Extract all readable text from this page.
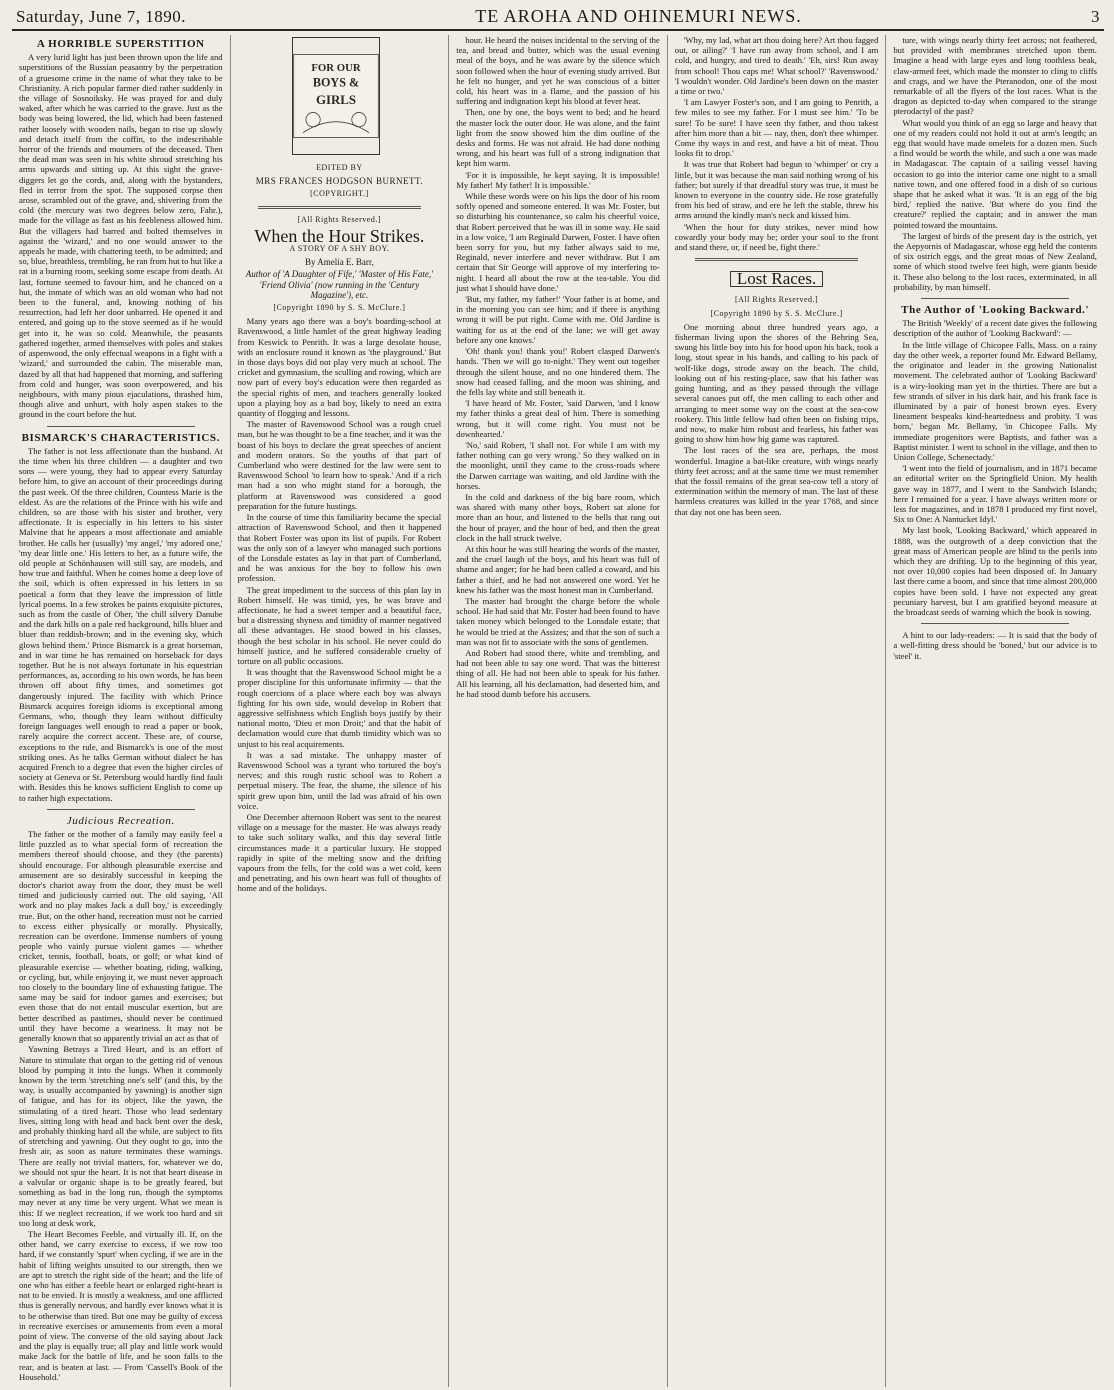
Saturday, June 7, 1890.	TE AROHA AND OHINEMURI NEWS.	3
A HORRIBLE SUPERSTITION

A very lurid light has just been thrown upon the life and superstitions of the Russian peasantry by the perpetration of a gruesome crime in the name of what they take to be Christianity. A rich popular farmer died rather suddenly in the village of Sosnoiksky. He was prayed for and duly waked, after which he was carried to the grave. Just as the body was being lowered, the lid, which had been fastened rather loosely with wooden nails, began to rise up slowly and detach itself from the coffin, to the indescribable horror of the friends and mourners of the deceased. Then the dead man was seen in his white shroud stretching his arms upwards and sitting up. At this sight the grave-diggers let go the cords, and, along with the bystanders, fled in terror from the spot. The supposed corpse then arose, scrambled out of the grave, and, shivering from the cold (the mercury was two degrees below zero, Fahr.), made for the village as fast as his feebleness allowed him. But the villagers had barred and bolted themselves in against the 'wizard,' and no one would answer to the appeals he made, with chattering teeth, to be admitted; and so, blue, breathless, trembling, he ran from hut to hut like a rat in a burning room, seeking some escape from death. At last, fortune seemed to favour him, and he chanced on a hut, the inmate of which was an old woman who had not been to the funeral, and, knowing nothing of his resurrection, had left her door unbarred. He opened it and entered, and going up to the stove seemed as if he would get into it, he was so cold. Meanwhile, the peasants gathered together, armed themselves with poles and stakes of aspenwood, the only effectual weapons in a fight with a 'wizard,' and surrounded the cabin. The miserable man, dazed by all that had happened that morning, and suffering from cold and hunger, was soon overpowered, and his neighbours, with many pious ejaculations, thrashed him, though alive and unhurt, with holy aspen stakes to the ground in the court before the hut.

BISMARCK'S CHARACTERISTICS.

The father is not less affectionate than the husband. At the time when his three children — a daughter and two sons — were young, they had to appear every Saturday before him, to give an account of their proceedings during the past week. Of the three children, Countess Marie is the eldest. As are the relations of the Prince with his wife and children, so are those with his sister and brother, very affectionate. It is especially in his letters to his sister Malvine that he appears a most affectionate and amiable brother. He calls her (usually) 'my angel,' 'my adored one,' 'my dear little one.' His letters to her, as a future wife, the old people at Schönhausen will still say, are models, and how true and faithful. When he comes home a deep love of the soil, which is often expressed in his letters in so poetical a form that they leave the impression of little lyrical poems. In a few strokes he paints exquisite pictures, such as from the castle of Ober, 'the chill silvery Danube and the dark hills on a pale red background, hills bluer and bluer than reddish-brown; and in the evening sky, which glows behind them.' Prince Bismarck is a great horseman, and in war time he has remained on horseback for days together. But he is not always fortunate in his equestrian performances, as, according to his own words, he has been thrown off about fifty times, and sometimes got dangerously injured. The facility with which Prince Bismarck acquires foreign idioms is exceptional among Germans, who, though they learn without difficulty foreign languages well enough to read a paper or book, rarely acquire the correct accent. These are, of course, exceptions to the rule, and Bismarck's is one of the most striking ones. As he talks German without dialect he has acquired French to a degree that even the higher circles of society at Geneva or St. Petersburg would hardly find fault with. Besides this he knows sufficient English to come up to rather high expectations.

Judicious Recreation.

The father or the mother of a family may easily feel a little puzzled as to what special form of recreation the members thereof should choose, and they (the parents) should encourage. For although pleasurable exercise and amusement are so desirably successful in keeping the doctor's chariot away from the door, they must be well timed and judiciously carried out. The old saying, 'All work and no play makes Jack a dull boy,' is exceedingly true. But, on the other hand, recreation must not be carried to excess either physically or morally. Physically, recreation can be overdone. Immense numbers of young people who vainly pursue violent games — whether cricket, tennis, football, boats, or golf; or what kind of pleasurable exercise — whether boating, riding, walking, or cycling, but, while enjoying it, we must never approach too closely to the boundary line of exhausting fatigue. The same may be said for indoor games and exercises; but even those that do not entail muscular exertion, but are better described as pastimes, should never be continued until they have become a weariness. It may not be generally known that so apparently trivial an act as that of

Yawning Betrays a Tired Heart, and is an effort of Nature to stimulate that organ to the getting rid of venous blood by pumping it into the lungs. When it commonly known by the term 'stretching one's self' (and this, by the way, is usually accompanied by yawning) is another sign of fatigue, and has for its object, like the yawn, the stimulating of a tired heart. Those who lead sedentary lives, sitting long with head and back bent over the desk, and probably thinking hard all the while, are subject to fits of stretching and yawning. Out they ought to go, into the fresh air, as soon as nature terminates these warnings. There are really not trivial matters, for, whatever we do, we should not spur the heart. It is not that heart disease in a valvular or organic shape is to be greatly feared, but something as bad in the long run, though the symptoms may never at any time be very urgent. What we mean is this: If we neglect recreation, if we work too hard and sit too long at desk work,

The Heart Becomes Feeble, and virtually ill. If, on the other hand, we carry exercise to excess, if we row too hard, if we constantly 'spurt' when cycling, if we are in the habit of lifting weights unsuited to our strength, then we are apt to stretch the right side of the heart; and the life of one who has either a feeble heart or enlarged right-heart is not to be envied. It is mostly a weakness, and one afflicted thus is generally nervous, and hardly ever knows what it is to be otherwise than tired. But one may be guilty of excess in recreative exercises or amusements from even a moral point of view. The converse of the old saying about Jack and the play is equally true; all play and little work would make Jack for the battle of life, and he soon falls to the rear, and is beaten at last. — From 'Cassell's Book of the Household.'

FOR OUR
BOYS &
GIRLS
EDITED BY
MRS FRANCES HODGSON BURNETT.
[COPYRIGHT.]
[All Rights Reserved.]
When the Hour Strikes.
A STORY OF A SHY BOY.
By Amelia E. Barr,
Author of 'A Daughter of Fife,' 'Master of His Fate,' 'Friend Olivia' (now running in the 'Century Magazine'), etc.
[Copyright 1890 by S. S. McClure.]

Many years ago there was a boy's boarding-school at Ravenswood, a little hamlet of the great highway leading from Keswick to Penrith. It was a large desolate house, with an enclosure round it known as 'the playground.' But in those days boys did not play very much at school. The cricket and gymnasium, the sculling and rowing, which are now part of every boy's education were then regarded as the special rights of men, and teachers generally looked upon a playing boy as a bad boy, likely to need an extra quantity of flogging and lessons.

The master of Ravenswood School was a rough cruel man, but he was thought to be a fine teacher, and it was the boast of his boys to declare the great speeches of ancient and modern orators. So the youths of that part of Cumberland who were destined for the law were sent to Ravenswood School 'to learn how to speak.' And if a rich man had a son who might stand for a borough, the platform at Ravenswood was considered a good preparation for the future hustings.

In the course of time this familiarity became the special attraction of Ravenswood School, and then it happened that Robert Foster was upon its list of pupils. For Robert was the only son of a lawyer who managed such portions of the Lonsdale estates as lay in that part of Cumberland, and he was anxious for the boy to follow his own profession.

The great impediment to the success of this plan lay in Robert himself. He was timid, yes, he was brave and affectionate, he had a sweet temper and a beautiful face, but a distressing shyness and timidity of manner negatived all these advantages. He stood bowed in his classes, though the best scholar in his school. He never could do himself justice, and he suffered considerable cruelty of torture on all public occasions.

It was thought that the Ravenswood School might be a proper discipline for this unfortunate infirmity — that the rough coercions of a place where each boy was always fighting for his own side, would develop in Robert that aggressive selfishness which English boys justify by their national motto, 'Dieu et mon Droit;' and that the habit of declamation would cure that dumb timidity which was so unjust to his real acquirements.

It was a sad mistake. The unhappy master of Ravenswood School was a tyrant who tortured the boy's nerves; and this rough rustic school was to Robert a perpetual misery. The fear, the shame, the silence of his spirit grew upon him, until the lad was afraid of his own voice.

One December afternoon Robert was sent to the nearest village on a message for the master. He was always ready to take such solitary walks, and this day several little circumstances made it a particular luxury. He stopped rapidly in spite of the melting snow and the drifting vapours from the fells, for the cold was a wet cold, keen and penetrating, and his own heart was full of thoughts of home and of the holidays.

hour. He heard the noises incidental to the serving of the tea, and bread and butter, which was the usual evening meal of the boys, and he was aware by the silence which soon followed when the hour of evening study arrived. But he felt no hunger, and yet he was conscious of a bitter cold, his heart was in a flame, and the passion of his suffering and indignation kept his blood at fever heat.

Then, one by one, the boys went to bed; and he heard the master lock the outer door. He was alone, and the faint light from the snow showed him the dim outline of the desks and forms. He was not afraid. He had done nothing wrong, and his heart was full of a strong indignation that kept him warm.

'For it is impossible, he kept saying. It is impossible! My father! My father! It is impossible.'

While these words were on his lips the door of his room softly opened and someone entered. It was Mr. Foster, but so disturbing his countenance, so calm his cheerful voice, that Robert perceived that he was ill in some way. He said in a low voice, 'I am Reginald Darwen, Foster. I have often been sorry for you, but my father always said to me, Reginald, never interfere and never withdraw. But I am certain that Sir George will approve of my interfering to-night. I heard all about the row at the tea-table. You did just what I should have done.'

'But, my father, my father!' 'Your father is at home, and in the morning you can see him; and if there is anything wrong it will be put right. Come with me. Old Jardine is waiting for us at the end of the lane; we will get away before any one knows.'

'Oh! thank you! thank you!' Robert clasped Darwen's hands. 'Then we will go to-night.' They went out together through the silent house, and no one hindered them. The snow had ceased falling, and the moon was shining, and the fells lay white and still beneath it.

'I have heard of Mr. Foster, 'said Darwen, 'and I know my father thinks a great deal of him. There is something wrong, but it will come right. You must not be downhearted.'

'No,' said Robert, 'I shall not. For while I am with my father nothing can go very wrong.' So they walked on in the moonlight, until they came to the cross-roads where the Darwen carriage was waiting, and old Jardine with the horses.

In the cold and darkness of the big bare room, which was shared with many other boys, Robert sat alone for more than an hour, and listened to the bells that rang out the hour of prayer, and the hour of bed, and then the great clock in the hall struck twelve.

At this hour he was still hearing the words of the master, and the cruel laugh of the boys, and his heart was full of shame and anger; for he had been called a coward, and his father a thief, and he had not answered one word. Yet he knew his father was the most honest man in Cumberland.

The master had brought the charge before the whole school. He had said that Mr. Foster had been found to have taken money which belonged to the Lonsdale estate; that he would be tried at the Assizes; and that the son of such a man was not fit to associate with the sons of gentlemen.

And Robert had stood there, white and trembling, and had not been able to say one word. That was the bitterest thing of all. He had not been able to speak for his father. All his learning, all his declamation, had deserted him, and he had stood dumb before his accusers.

'Why, my lad, what art thou doing here? Art thou fagged out, or ailing?' 'I have run away from school, and I am cold, and hungry, and tired to death.' 'Eh, sirs! Run away from school! Thou caps me! What school?' 'Ravenswood.' 'I wouldn't wonder. Old Jardine's been down on the master a time or two.'

'I am Lawyer Foster's son, and I am going to Penrith, a few miles to see my father. For I must see him.' 'To be sure! To be sure! I have seen thy father, and thou takest after him more than a bit — nay, then, don't thee whimper. Come thy ways in and rest, and have a bit of meat. Thou looks fit to drop.'

It was true that Robert had begun to 'whimper' or cry a little, but it was because the man said nothing wrong of his father; but surely if that dreadful story was true, it must be known to everyone in the country side. He rose gratefully from his bed of straw, and ere he left the stable, threw his arms around the kindly man's neck and kissed him.

'When the hour for duty strikes, never mind how cowardly your body may be; order your soul to the front and stand there, or, if need be, fight there.'

Lost Races.
[All Rights Reserved.]
[Copyright 1890 by S. S. McClure.]

One morning about three hundred years ago, a fisherman living upon the shores of the Behring Sea, swung his little boy into his for hood upon his back, took a long, stout spear in his hands, and calling to his pack of wolf-like dogs, strode away on the beach. The child, looking out of his resting-place, saw that his father was going hunting, and as they passed through the village several canoes put off, the men calling to each other and arranging to meet some way on the coast at the sea-cow rookery. This little fellow had often been on fishing trips, and now, to make him robust and fearless, his father was going to show him how big game was captured.

The lost races of the sea are, perhaps, the most wonderful. Imagine a bat-like creature, with wings nearly thirty feet across; and at the same time we must remember that the fossil remains of the great sea-cow tell a story of extermination within the memory of man. The last of these harmless creatures was killed in the year 1768, and since that day not one has been seen.

ture, with wings nearly thirty feet across; not feathered, but provided with membranes stretched upon them. Imagine a head with large eyes and long toothless beak, claw-armed feet, which made the monster to cling to cliffs and crags, and we have the Pteranodon, one of the most remarkable of all the flyers of the lost races. What is the dragon as depicted to-day when compared to the strange pterodactyl of the past?

What would you think of an egg so large and heavy that one of my readers could not hold it out at arm's length; an egg that would have made omelets for a dozen men. Such a find would be worth the while, and such a one was made in Madagascar. The captain of a sailing vessel having occasion to go into the interior came one night to a small native town, and one offered food in a dish of so curious shape that he asked what it was. 'It is an egg of the big bird,' replied the native. 'But where do you find the creature?' replied the captain; and in answer the man pointed toward the mountains.

The largest of birds of the present day is the ostrich, yet the Aepyornis of Madagascar, whose egg held the contents of six ostrich eggs, and the great moas of New Zealand, some of which stood twelve feet high, were giants beside it. These also belong to the lost races, exterminated, in all probability, by man himself.

The Author of 'Looking Backward.'

The British 'Weekly' of a recent date gives the following description of the author of 'Looking Backward': —

In the little village of Chicopee Falls, Mass. on a rainy day the other week, a reporter found Mr. Edward Bellamy, the originator and leader in the growing Nationalist movement. The celebrated author of 'Looking Backward' is a wiry-looking man yet in the thirties. There are but a few strands of silver in his dark hair, and his frank face is illuminated by a pair of honest brown eyes. Every lineament bespeaks kind-heartedness and probity. 'I was born,' began Mr. Bellamy, 'in Chicopee Falls. My immediate progenitors were Baptists, and father was a Baptist minister. I went to school in the village, and then to Union College, Schenectady.'

'I went into the field of journalism, and in 1871 became an editorial writer on the Springfield Union. My health gave way in 1877, and I went to the Sandwich Islands; here I remained for a year. I have always written more or less for magazines, and in 1878 I produced my first novel, Six to One: A Nantucket Idyl.'

My last book, 'Looking Backward,' which appeared in 1888, was the outgrowth of a deep conviction that the great mass of American people are blind to the perils into which they are drifting. Up to the beginning of this year, not over 10,000 copies had been disposed of. In January last there came a boom, and since that time almost 200,000 copies have been sold. I have not expected any great pecuniary harvest, but I am gratified beyond measure at the broadcast seeds of warning which the book is sowing.

A hint to our lady-readers: — It is said that the body of a well-fitting dress should be 'boned,' but our advice is to 'steel' it.
